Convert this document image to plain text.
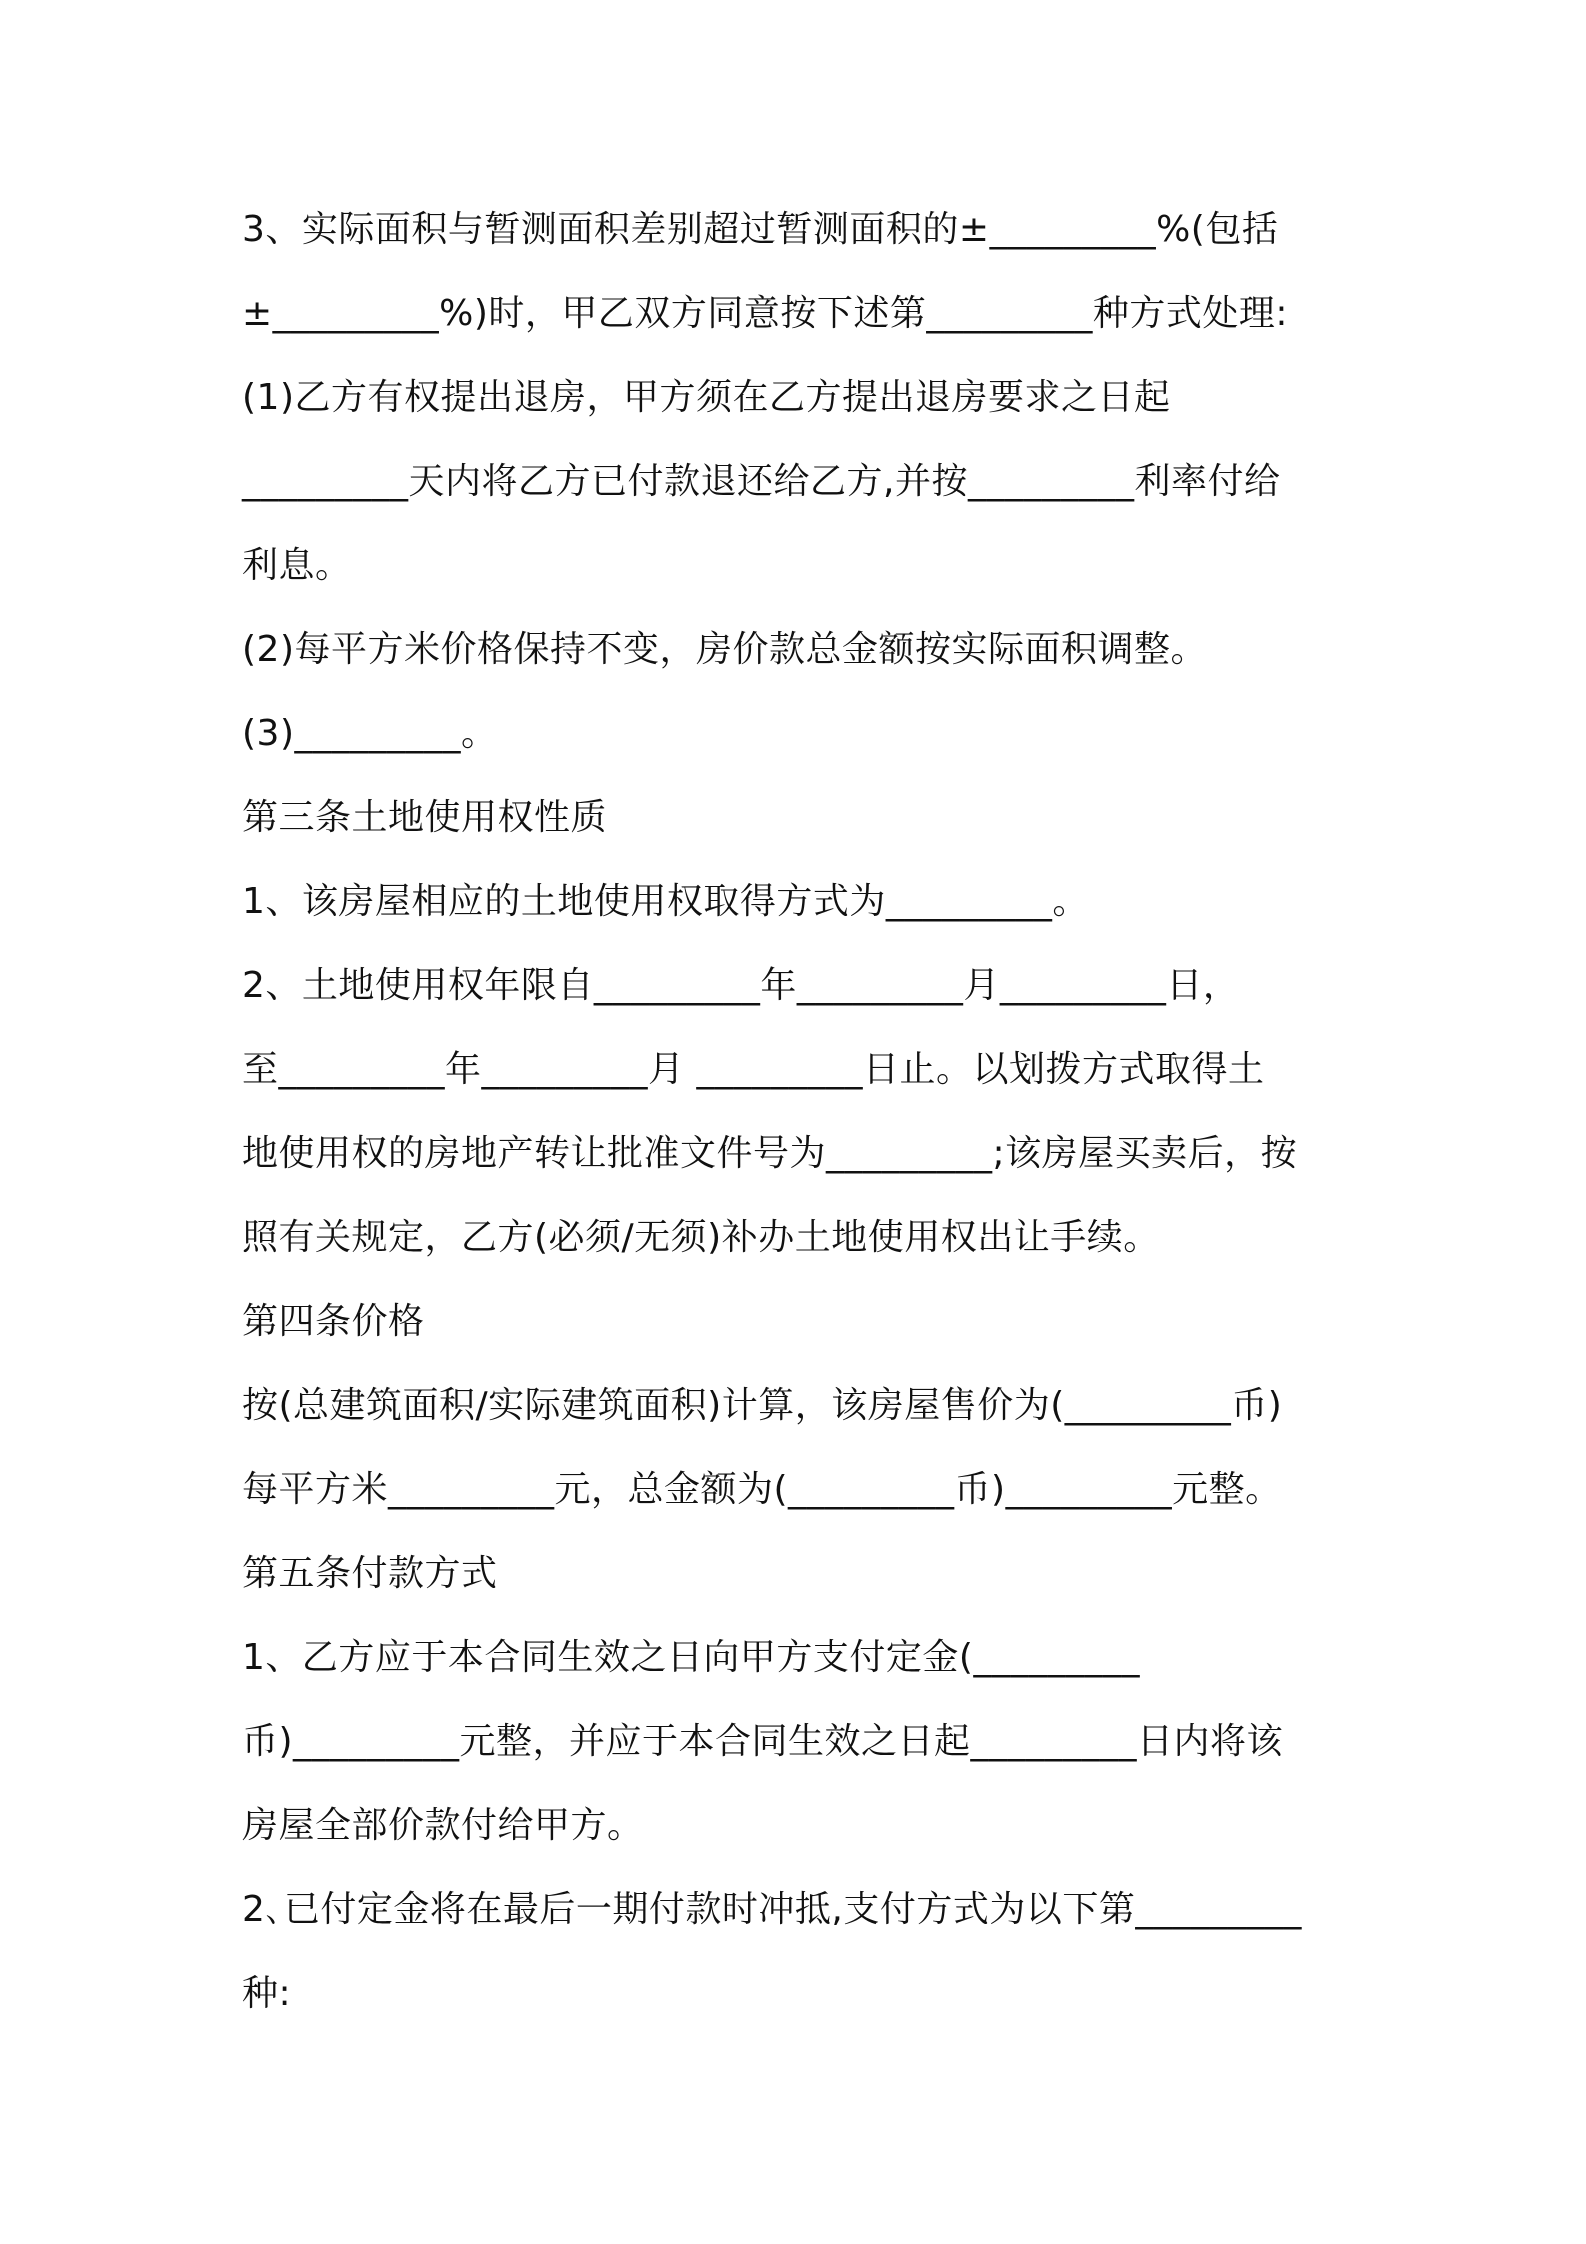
3、实际面积与暂测面积差别超过暂测面积的±_________%(包括
±_________%)时，甲乙双方同意按下述第_________种方式处理:
(1)乙方有权提出退房，甲方须在乙方提出退房要求之日起
_________天内将乙方已付款退还给乙方,并按_________利率付给
利息。
(2)每平方米价格保持不变，房价款总金额按实际面积调整。
(3)_________。
第三条土地使用权性质
1、该房屋相应的土地使用权取得方式为_________。
2、土地使用权年限自_________年_________月_________日，
至_________年_________月 _________日止。以划拨方式取得土
地使用权的房地产转让批准文件号为_________;该房屋买卖后，按
照有关规定，乙方(必须/无须)补办土地使用权出让手续。
第四条价格
按(总建筑面积/实际建筑面积)计算，该房屋售价为(_________币)
每平方米_________元，总金额为(_________币)_________元整。
第五条付款方式
1、乙方应于本合同生效之日向甲方支付定金(_________
币)_________元整，并应于本合同生效之日起_________日内将该
房屋全部价款付给甲方。
2､已付定金将在最后一期付款时冲抵,支付方式为以下第_________
种:
